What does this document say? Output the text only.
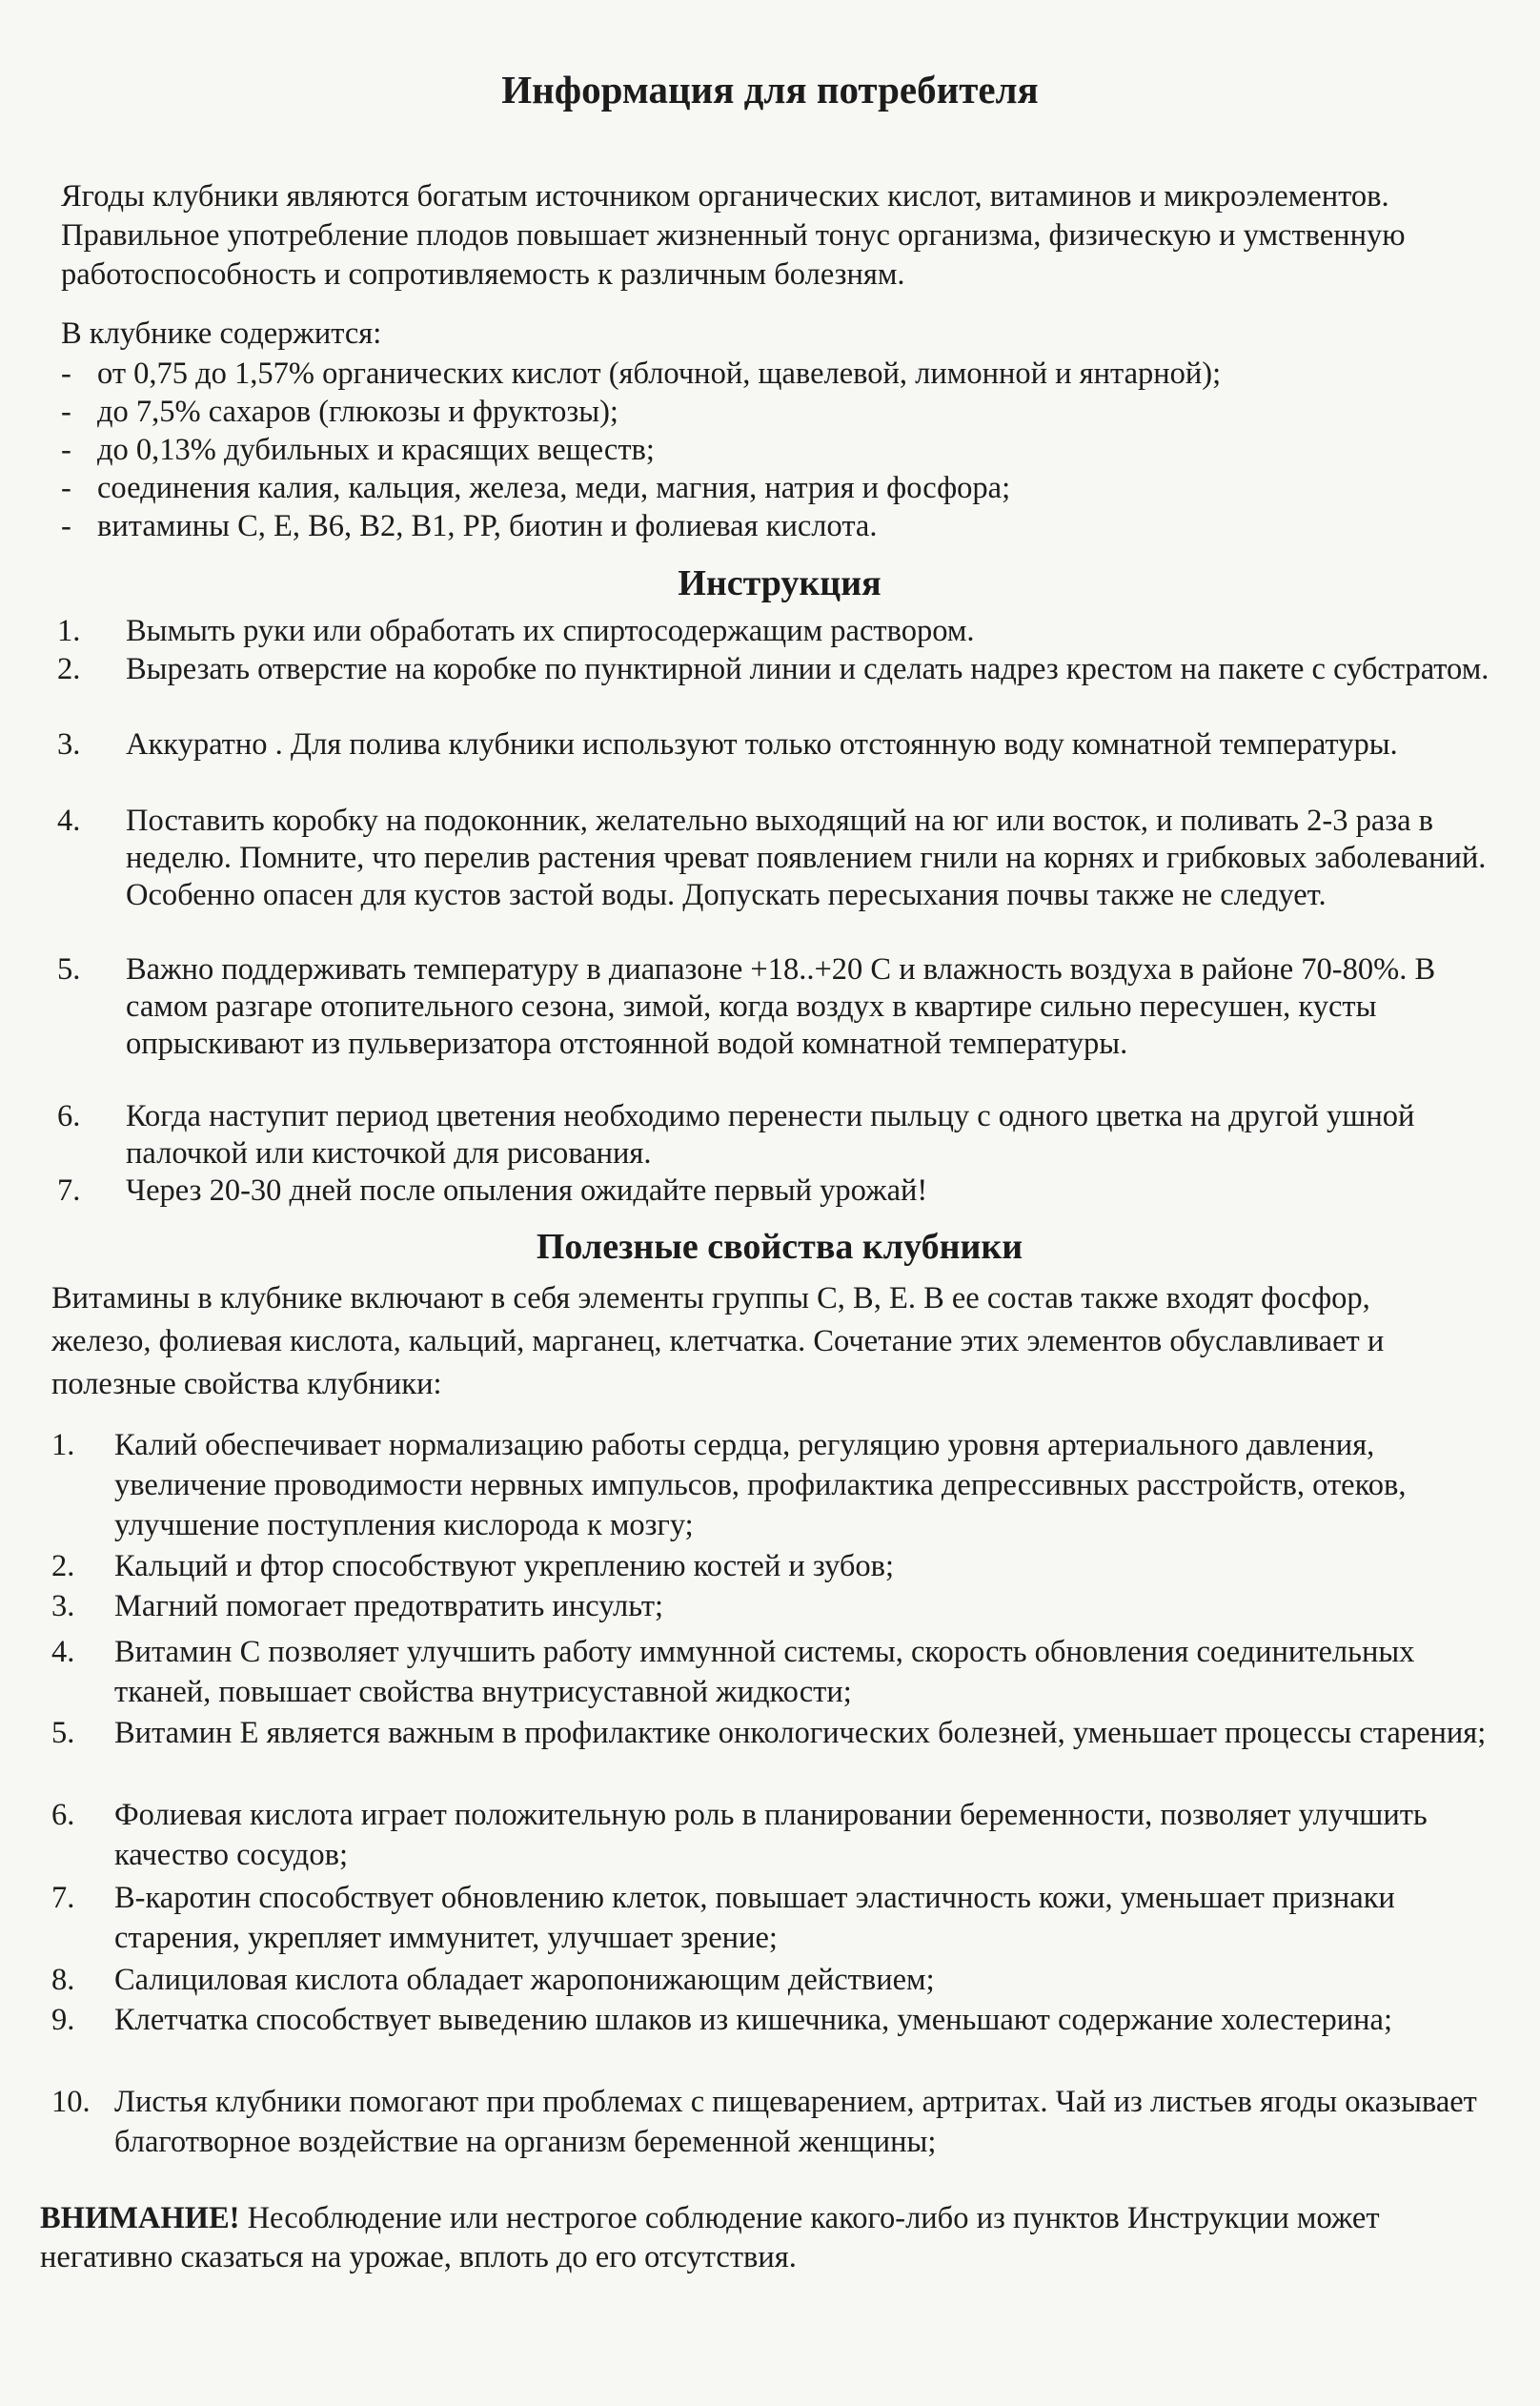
Информация для потребителя

Ягоды клубники являются богатым источником органических кислот, витаминов и микроэлементов. Правильное употребление плодов повышает жизненный тонус организма, физическую и умственную работоспособность и сопротивляемость к различным болезням.

В клубнике содержится:

- от 0,75 до 1,57% органических кислот (яблочной, щавелевой, лимонной и янтарной);
- до 7,5% сахаров (глюкозы и фруктозы);
- до 0,13% дубильных и красящих веществ;
- соединения калия, кальция, железа, меди, магния, натрия и фосфора;
- витамины С, Е, В6, В2, В1, РР, биотин и фолиевая кислота.
Инструкция
1. Вымыть руки или обработать их спиртосодержащим раствором.
2. Вырезать отверстие на коробке по пунктирной линии и сделать надрез крестом на пакете с субстратом.
3. Аккуратно . Для полива клубники используют только отстоянную воду комнатной температуры.
4. Поставить коробку на подоконник, желательно выходящий на юг или восток, и поливать 2-3 раза в неделю. Помните, что перелив растения чреват появлением гнили на корнях и грибковых заболеваний. Особенно опасен для кустов застой воды. Допускать пересыхания почвы также не следует.
5. Важно поддерживать температуру в диапазоне +18..+20 С и влажность воздуха в районе 70-80%. В самом разгаре отопительного сезона, зимой, когда воздух в квартире сильно пересушен, кусты опрыскивают из пульверизатора отстоянной водой комнатной температуры.
6. Когда наступит период цветения необходимо перенести пыльцу с одного цветка на другой ушной палочкой или кисточкой для рисования.
7. Через 20-30 дней после опыления ожидайте первый урожай!
Полезные свойства клубники

Витамины в клубнике включают в себя элементы группы С, В, Е. В ее состав также входят фосфор, железо, фолиевая кислота, кальций, марганец, клетчатка. Сочетание этих элементов обуславливает и полезные свойства клубники:

1. Калий обеспечивает нормализацию работы сердца, регуляцию уровня артериального давления, увеличение проводимости нервных импульсов, профилактика депрессивных расстройств, отеков, улучшение поступления кислорода к мозгу;
2. Кальций и фтор способствуют укреплению костей и зубов;
3. Магний помогает предотвратить инсульт;
4. Витамин С позволяет улучшить работу иммунной системы, скорость обновления соединительных тканей, повышает свойства внутрисуставной жидкости;
5. Витамин Е является важным в профилактике онкологических болезней, уменьшает процессы старения;
6. Фолиевая кислота играет положительную роль в планировании беременности, позволяет улучшить качество сосудов;
7. В-каротин способствует обновлению клеток, повышает эластичность кожи, уменьшает признаки старения, укрепляет иммунитет, улучшает зрение;
8. Салициловая кислота обладает жаропонижающим действием;
9. Клетчатка способствует выведению шлаков из кишечника, уменьшают содержание холестерина;
10. Листья клубники помогают при проблемах с пищеварением, артритах. Чай из листьев ягоды оказывает благотворное воздействие на организм беременной женщины;

ВНИМАНИЕ! Несоблюдение или нестрогое соблюдение какого-либо из пунктов Инструкции может негативно сказаться на урожае, вплоть до его отсутствия.
